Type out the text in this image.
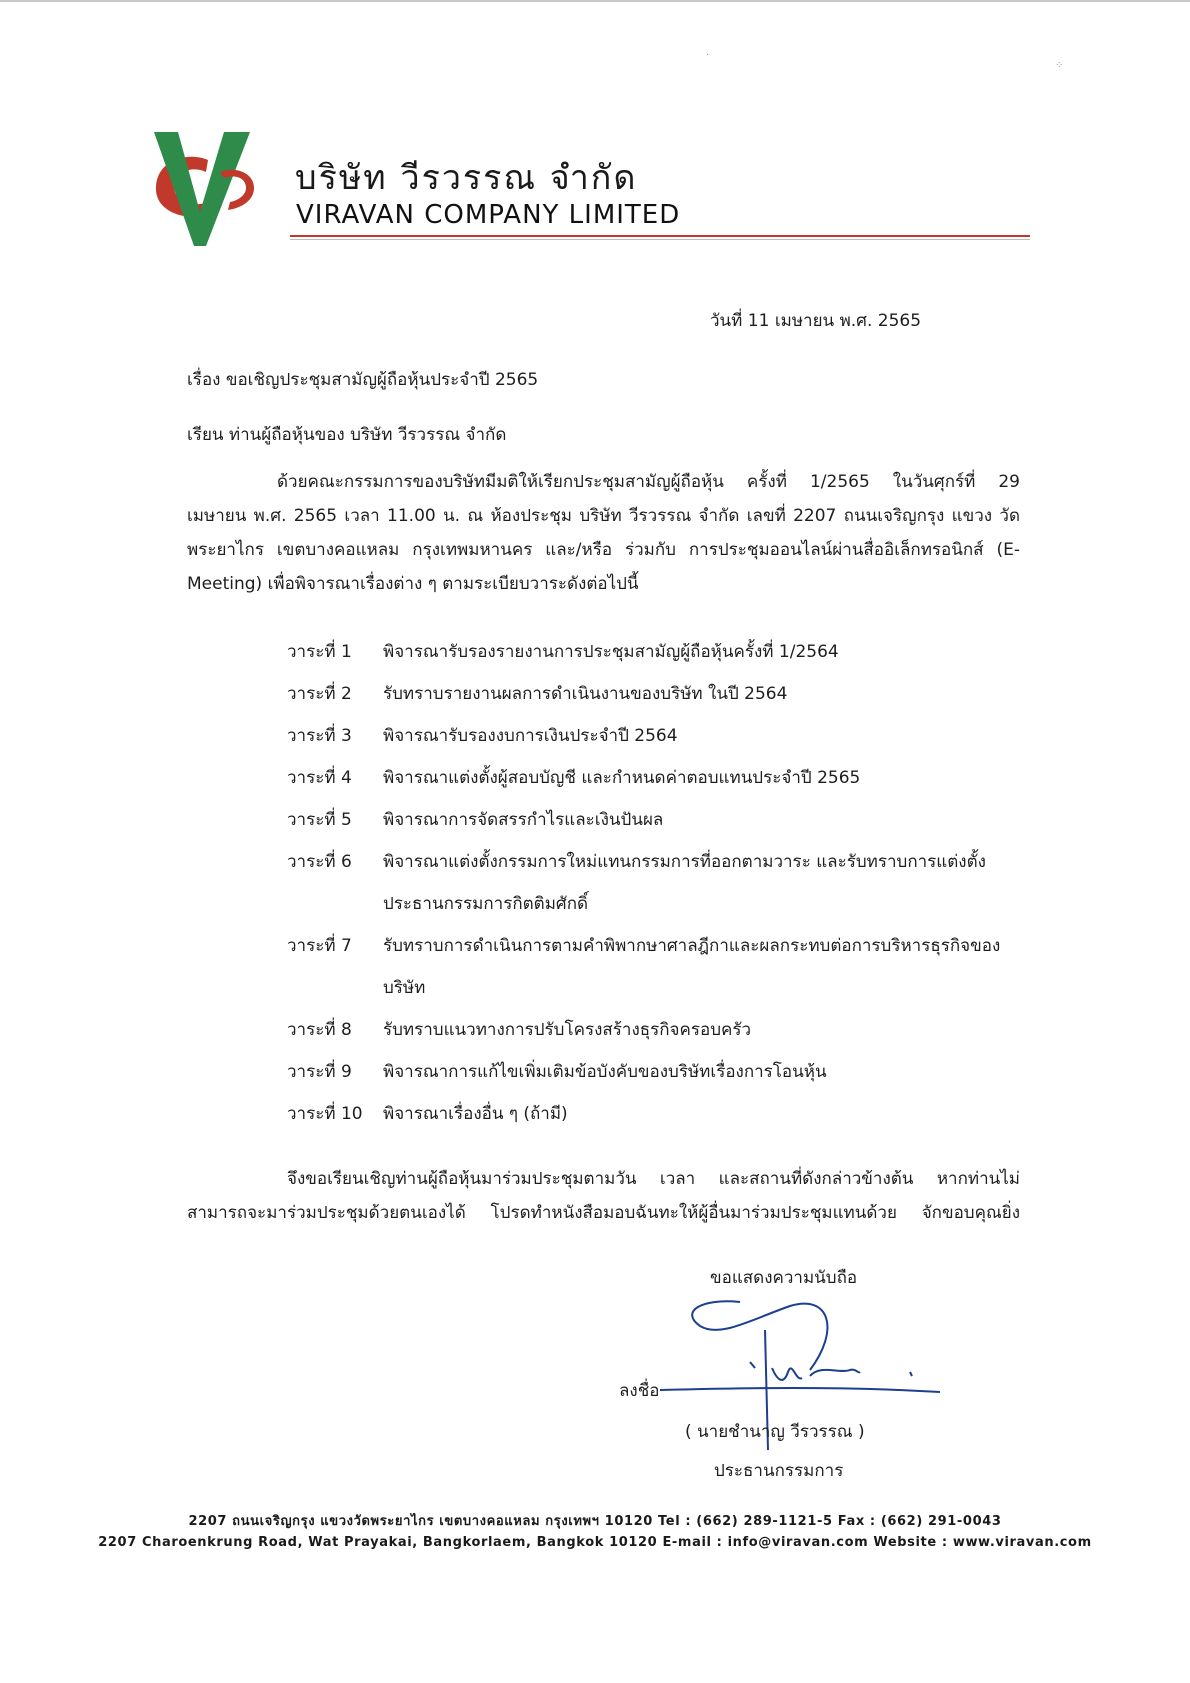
·
⁘
บริษัท วีรวรรณ จำกัด
VIRAVAN COMPANY LIMITED
วันที่ 11 เมษายน พ.ศ. 2565
เรื่อง ขอเชิญประชุมสามัญผู้ถือหุ้นประจำปี 2565
เรียน ท่านผู้ถือหุ้นของ บริษัท วีรวรรณ จำกัด
ด้วยคณะกรรมการของบริษัทมีมติให้เรียกประชุมสามัญผู้ถือหุ้น ครั้งที่ 1/2565 ในวันศุกร์ที่ 29
เมษายน พ.ศ. 2565 เวลา 11.00 น. ณ ห้องประชุม บริษัท วีรวรรณ จำกัด เลขที่ 2207 ถนนเจริญกรุง แขวง วัด
พระยาไกร เขตบางคอแหลม กรุงเทพมหานคร และ/หรือ ร่วมกับ การประชุมออนไลน์ผ่านสื่ออิเล็กทรอนิกส์ (E-
Meeting) เพื่อพิจารณาเรื่องต่าง ๆ ตามระเบียบวาระดังต่อไปนี้
วาระที่ 1	พิจารณารับรองรายงานการประชุมสามัญผู้ถือหุ้นครั้งที่ 1/2564
วาระที่ 2	รับทราบรายงานผลการดำเนินงานของบริษัท ในปี 2564
วาระที่ 3	พิจารณารับรองงบการเงินประจำปี 2564
วาระที่ 4	พิจารณาแต่งตั้งผู้สอบบัญชี และกำหนดค่าตอบแทนประจำปี 2565
วาระที่ 5	พิจารณาการจัดสรรกำไรและเงินปันผล
วาระที่ 6	พิจารณาแต่งตั้งกรรมการใหม่แทนกรรมการที่ออกตามวาระ และรับทราบการแต่งตั้งประธานกรรมการกิตติมศักดิ์
วาระที่ 7	รับทราบการดำเนินการตามคำพิพากษาศาลฎีกาและผลกระทบต่อการบริหารธุรกิจของบริษัท
วาระที่ 8	รับทราบแนวทางการปรับโครงสร้างธุรกิจครอบครัว
วาระที่ 9	พิจารณาการแก้ไขเพิ่มเติมข้อบังคับของบริษัทเรื่องการโอนหุ้น
วาระที่ 10	พิจารณาเรื่องอื่น ๆ (ถ้ามี)
จึงขอเรียนเชิญท่านผู้ถือหุ้นมาร่วมประชุมตามวัน เวลา และสถานที่ดังกล่าวข้างต้น หากท่านไม่
สามารถจะมาร่วมประชุมด้วยตนเองได้ โปรดทำหนังสือมอบฉันทะให้ผู้อื่นมาร่วมประชุมแทนด้วย จักขอบคุณยิ่ง
ขอแสดงความนับถือ
ลงชื่อ
( นายชำนาญ วีรวรรณ )
ประธานกรรมการ
2207 ถนนเจริญกรุง แขวงวัดพระยาไกร เขตบางคอแหลม กรุงเทพฯ 10120 Tel : (662) 289-1121-5 Fax : (662) 291-0043
2207 Charoenkrung Road, Wat Prayakai, Bangkorlaem, Bangkok 10120 E-mail : info@viravan.com Website : www.viravan.com
